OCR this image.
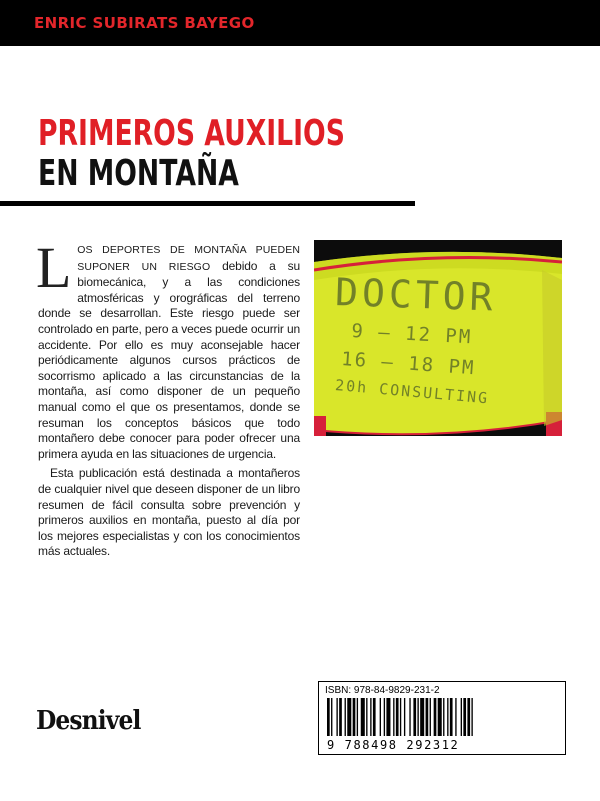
ENRIC SUBIRATS BAYEGO
PRIMEROS AUXILIOS
EN MONTAÑA

LOS DEPORTES DE MONTAÑA PUEDEN SUPONER UN RIESGO debido a su biomecánica, y a las condiciones atmosféricas y orográficas del terreno donde se desarrollan. Este riesgo puede ser controlado en parte, pero a veces puede ocurrir un accidente. Por ello es muy aconsejable hacer periódicamente algunos cursos prácticos de socorrismo aplicado a las circunstancias de la montaña, así como disponer de un pequeño manual como el que os presentamos, donde se resuman los conceptos básicos que todo montañero debe conocer para poder ofrecer una primera ayuda en las situaciones de urgencia.

Esta publicación está destinada a montañeros de cualquier nivel que deseen disponer de un libro resumen de fácil consulta sobre prevención y primeros auxilios en montaña, puesto al día por los mejores especialistas y con los conocimientos más actuales.

DOCTOR

9 – 12 PM

16 – 18 PM

20h CONSULTING

ISBN: 978-84-9829-231-2

9 788498 292312

Desnivel
